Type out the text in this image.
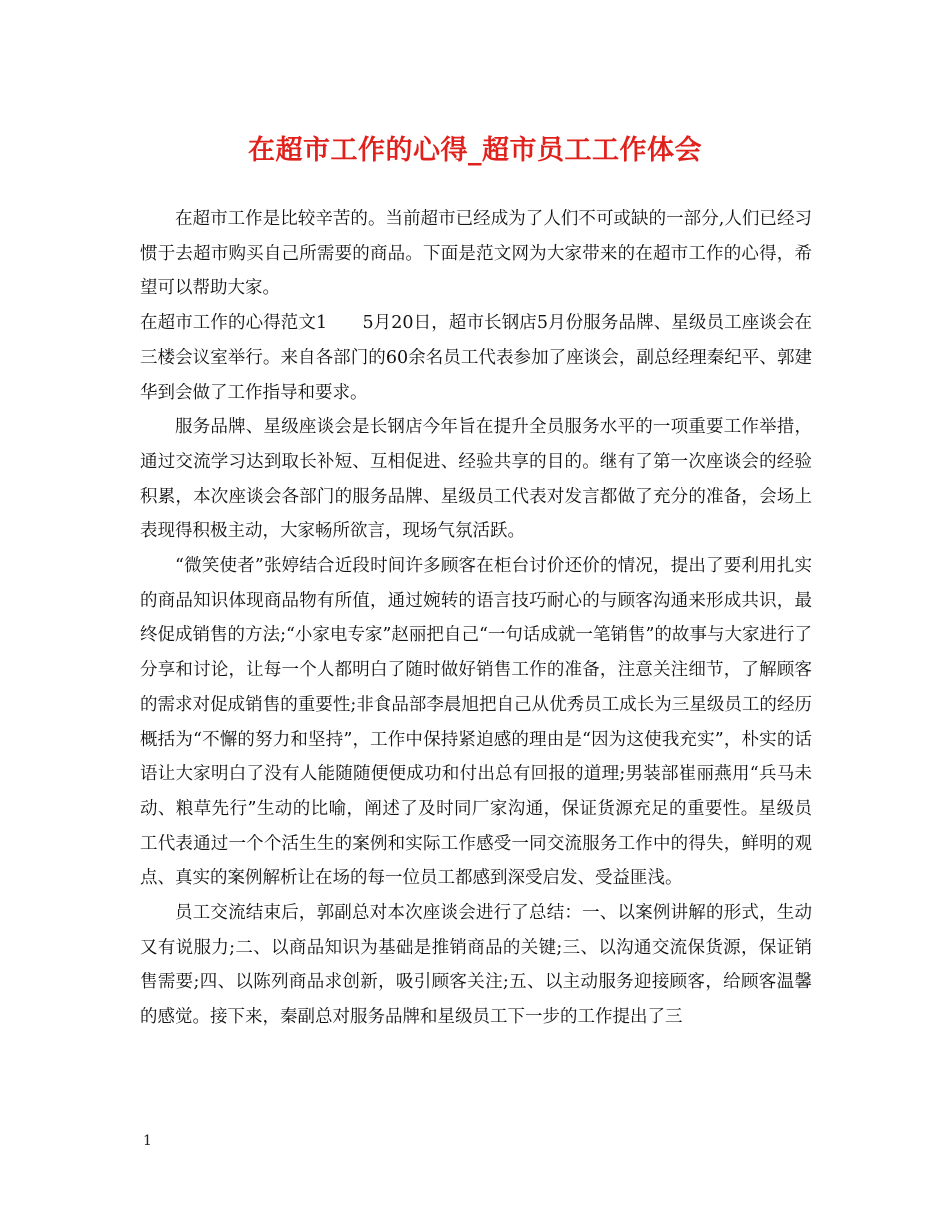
在超市工作的心得_超市员工工作体会

在超市工作是比较辛苦的。当前超市已经成为了人们不可或缺的一部分,人们已经习惯于去超市购买自己所需要的商品。下面是范文网为大家带来的在超市工作的心得，希望可以帮助大家。

在超市工作的心得范文1　　5月20日，超市长钢店5月份服务品牌、星级员工座谈会在三楼会议室举行。来自各部门的60余名员工代表参加了座谈会，副总经理秦纪平、郭建华到会做了工作指导和要求。

服务品牌、星级座谈会是长钢店今年旨在提升全员服务水平的一项重要工作举措，通过交流学习达到取长补短、互相促进、经验共享的目的。继有了第一次座谈会的经验积累，本次座谈会各部门的服务品牌、星级员工代表对发言都做了充分的准备，会场上表现得积极主动，大家畅所欲言，现场气氛活跃。

“微笑使者”张婷结合近段时间许多顾客在柜台讨价还价的情况，提出了要利用扎实的商品知识体现商品物有所值，通过婉转的语言技巧耐心的与顾客沟通来形成共识，最终促成销售的方法;“小家电专家”赵丽把自己“一句话成就一笔销售”的故事与大家进行了分享和讨论，让每一个人都明白了随时做好销售工作的准备，注意关注细节，了解顾客的需求对促成销售的重要性;非食品部李晨旭把自己从优秀员工成长为三星级员工的经历概括为“不懈的努力和坚持”，工作中保持紧迫感的理由是“因为这使我充实”，朴实的话语让大家明白了没有人能随随便便成功和付出总有回报的道理;男装部崔丽燕用“兵马未动、粮草先行”生动的比喻，阐述了及时同厂家沟通，保证货源充足的重要性。星级员工代表通过一个个活生生的案例和实际工作感受一同交流服务工作中的得失，鲜明的观点、真实的案例解析让在场的每一位员工都感到深受启发、受益匪浅。

员工交流结束后，郭副总对本次座谈会进行了总结：一、以案例讲解的形式，生动又有说服力;二、以商品知识为基础是推销商品的关键;三、以沟通交流保货源，保证销售需要;四、以陈列商品求创新，吸引顾客关注;五、以主动服务迎接顾客，给顾客温馨的感觉。接下来，秦副总对服务品牌和星级员工下一步的工作提出了三

1
